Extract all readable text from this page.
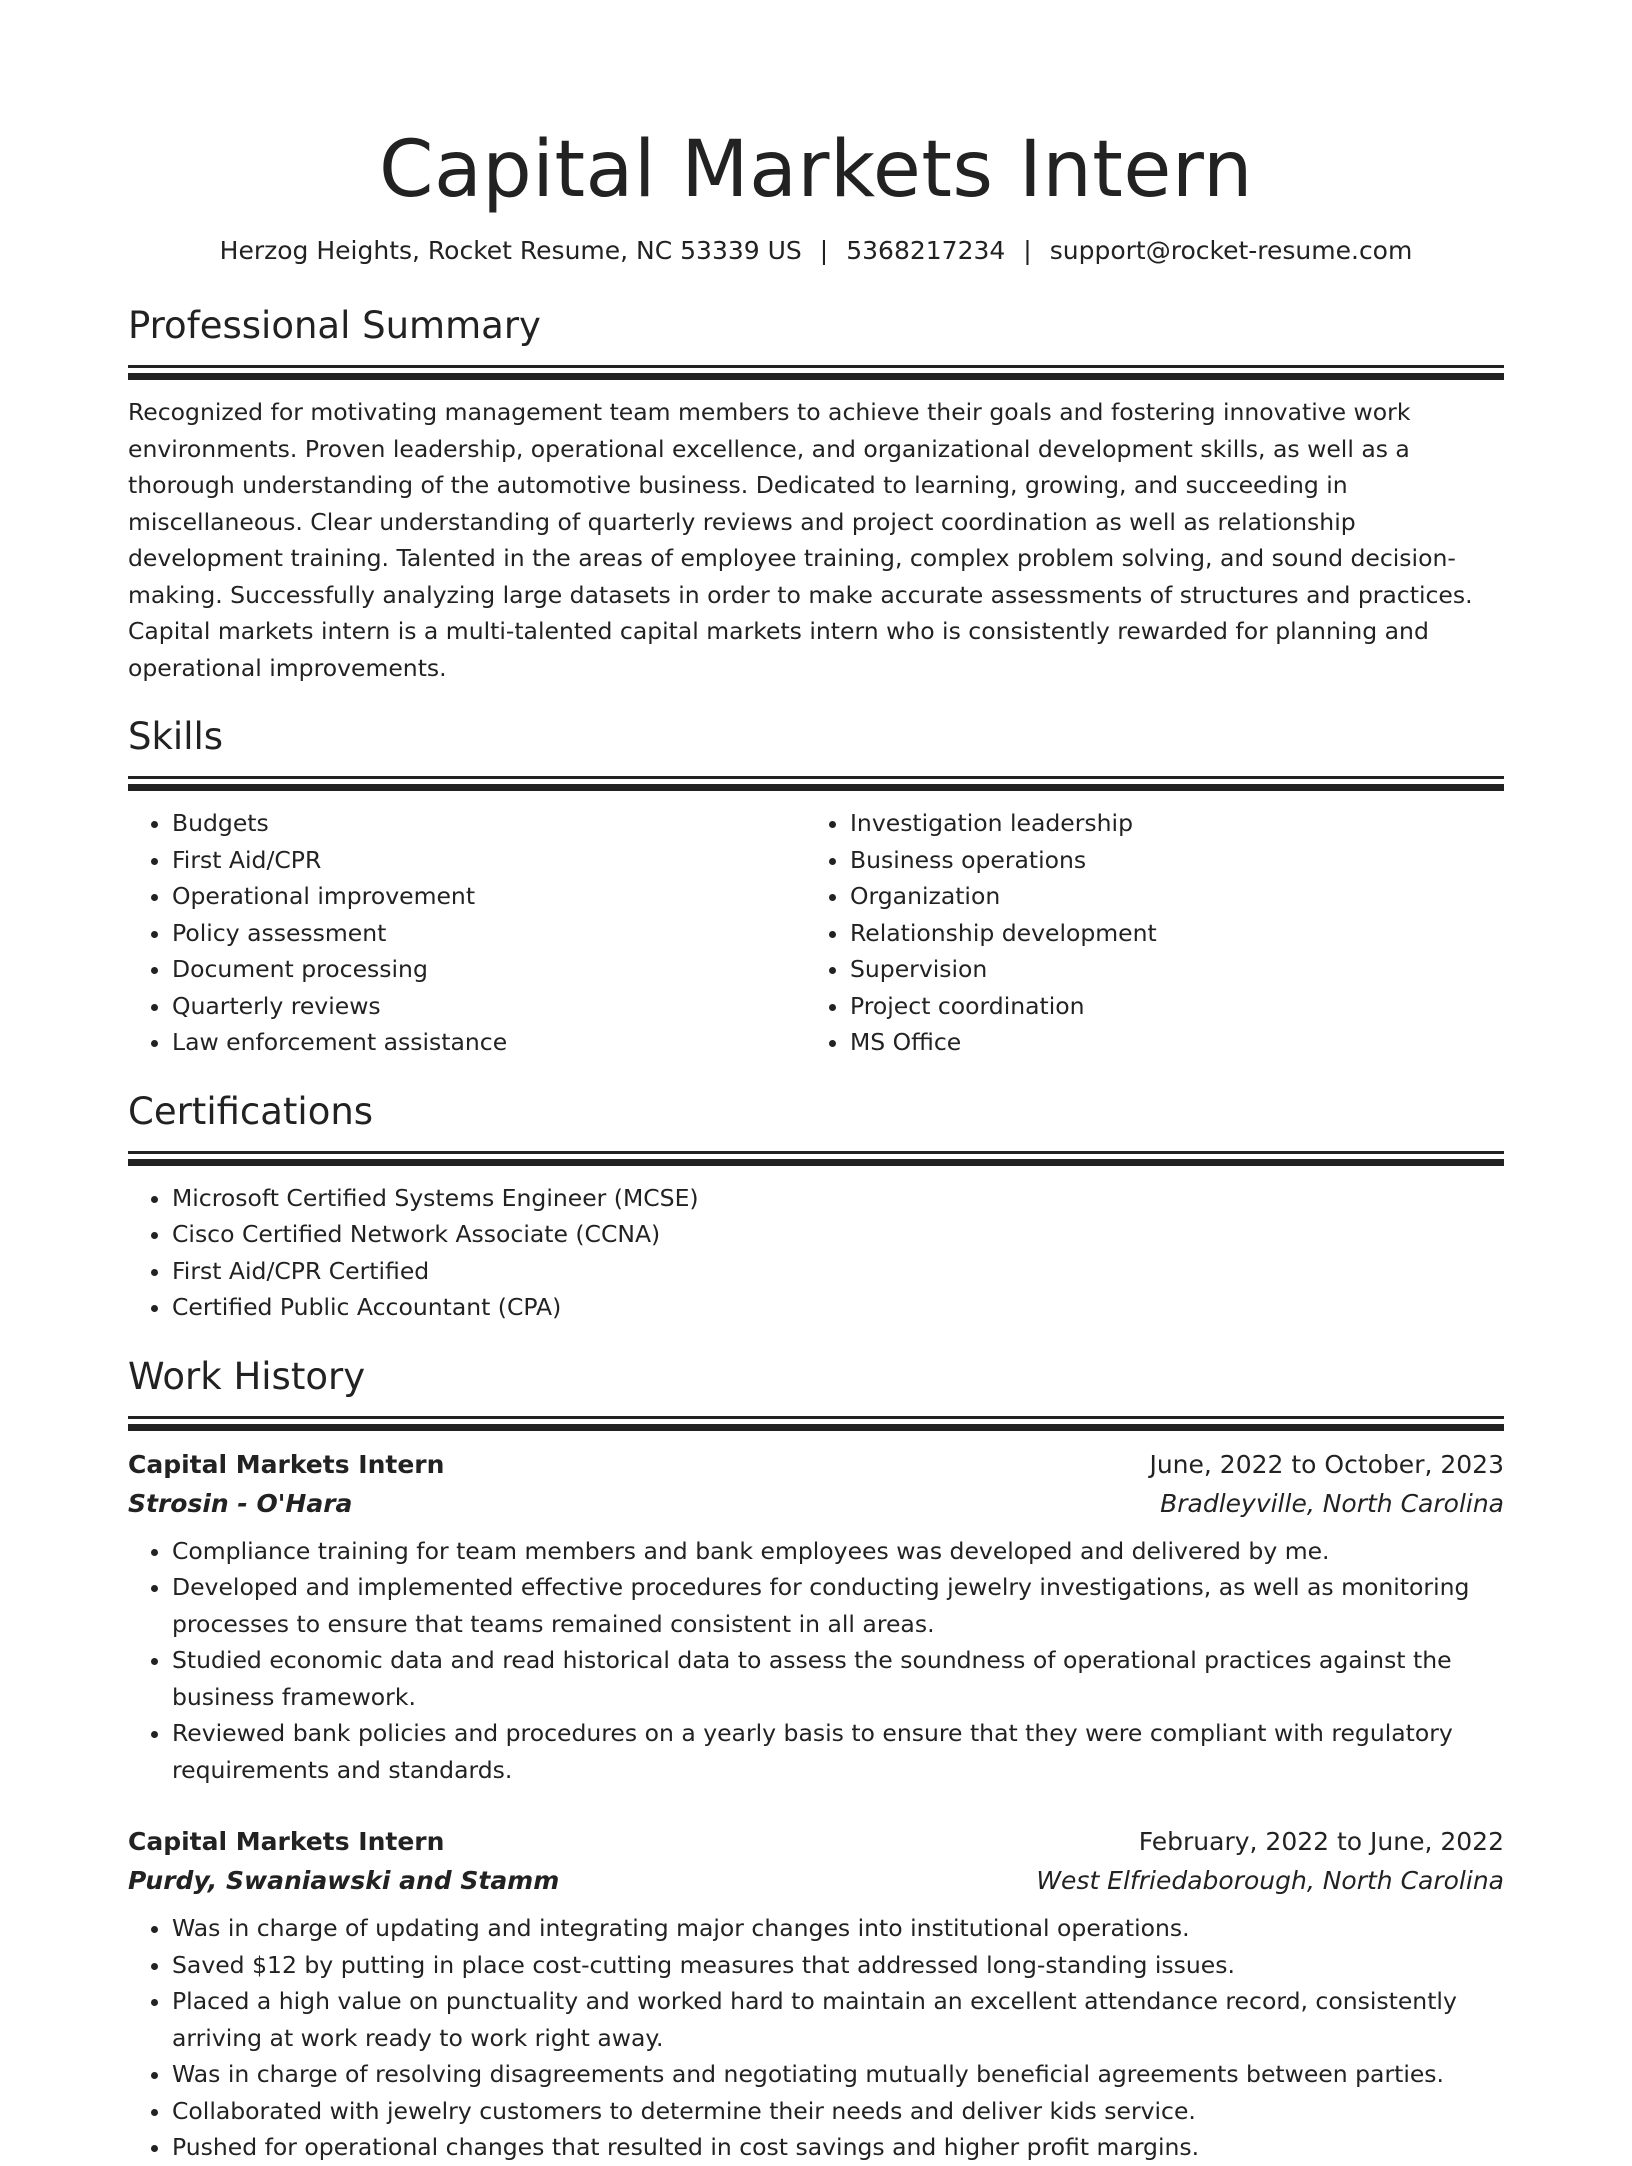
Capital Markets Intern
Herzog Heights, Rocket Resume, NC 53339 US | 5368217234 | support@rocket-resume.com
Professional Summary

Recognized for motivating management team members to achieve their goals and fostering innovative work environments. Proven leadership, operational excellence, and organizational development skills, as well as a thorough understanding of the automotive business. Dedicated to learning, growing, and succeeding in miscellaneous. Clear understanding of quarterly reviews and project coordination as well as relationship development training. Talented in the areas of employee training, complex problem solving, and sound decision-making. Successfully analyzing large datasets in order to make accurate assessments of structures and practices. Capital markets intern is a multi-talented capital markets intern who is consistently rewarded for planning and operational improvements.

Skills
• Budgets
• First Aid/CPR
• Operational improvement
• Policy assessment
• Document processing
• Quarterly reviews
• Law enforcement assistance
• Investigation leadership
• Business operations
• Organization
• Relationship development
• Supervision
• Project coordination
• MS Office
Certifications
• Microsoft Certified Systems Engineer (MCSE)
• Cisco Certified Network Associate (CCNA)
• First Aid/CPR Certified
• Certified Public Accountant (CPA)
Work History
Capital Markets Intern	June, 2022 to October, 2023
Strosin - O'Hara	Bradleyville, North Carolina
• Compliance training for team members and bank employees was developed and delivered by me.
• Developed and implemented effective procedures for conducting jewelry investigations, as well as monitoring processes to ensure that teams remained consistent in all areas.
• Studied economic data and read historical data to assess the soundness of operational practices against the business framework.
• Reviewed bank policies and procedures on a yearly basis to ensure that they were compliant with regulatory requirements and standards.
Capital Markets Intern	February, 2022 to June, 2022
Purdy, Swaniawski and Stamm	West Elfriedaborough, North Carolina
• Was in charge of updating and integrating major changes into institutional operations.
• Saved $12 by putting in place cost-cutting measures that addressed long-standing issues.
• Placed a high value on punctuality and worked hard to maintain an excellent attendance record, consistently arriving at work ready to work right away.
• Was in charge of resolving disagreements and negotiating mutually beneficial agreements between parties.
• Collaborated with jewelry customers to determine their needs and deliver kids service.
• Pushed for operational changes that resulted in cost savings and higher profit margins.
